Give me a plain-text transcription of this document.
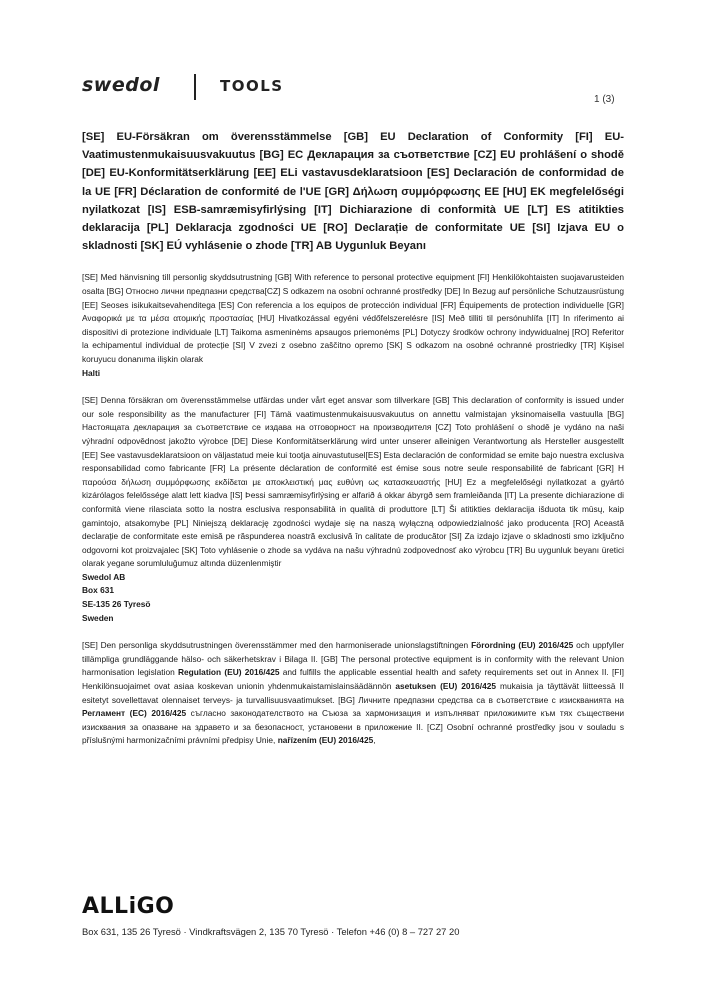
swedol	TOOLS
1 (3)

[SE] EU-Försäkran om överensstämmelse [GB] EU Declaration of Conformity [FI] EU-Vaatimustenmukaisuusvakuutus [BG] ЕС Декларация за съответствие [CZ] EU prohlášení o shodě [DE] EU-Konformitätserklärung [EE] ELi vastavusdeklaratsioon [ES] Declaración de conformidad de la UE [FR] Déclaration de conformité de l'UE [GR] Δήλωση συμμόρφωσης ΕΕ [HU] EK megfelelőségi nyilatkozat [IS] ESB-samræmisyfirlýsing [IT] Dichiarazione di conformità UE [LT] ES atitikties deklaracija [PL] Deklaracja zgodności UE [RO] Declarație de conformitate UE [SI] Izjava EU o skladnosti [SK] EÚ vyhlásenie o zhode [TR] AB Uygunluk Beyanı

[SE] Med hänvisning till personlig skyddsutrustning [GB] With reference to personal protective equipment [FI] Henkilökohtaisten suojavarusteiden osalta [BG] Относно лични предпазни средства[CZ] S odkazem na osobní ochranné prostředky [DE] In Bezug auf persönliche Schutzausrüstung [EE] Seoses isikukaitsevahenditega [ES] Con referencia a los equipos de protección individual [FR] Équipements de protection individuelle [GR] Αναφορικά με τα μέσα ατομικής προστασίας [HU] Hivatkozással egyéni védőfelszerelésre [IS] Með tilliti til persónuhlífa [IT] In riferimento ai dispositivi di protezione individuale [LT] Taikoma asmeninėms apsaugos priemonėms [PL] Dotyczy środków ochrony indywidualnej [RO] Referitor la echipamentul individual de protecție [SI] V zvezi z osebno zaščitno opremo [SK] S odkazom na osobné ochranné prostriedky [TR] Kişisel koruyucu donanıma ilişkin olarak

Halti

[SE] Denna försäkran om överensstämmelse utfärdas under vårt eget ansvar som tillverkare [GB] This declaration of conformity is issued under our sole responsibility as the manufacturer [FI] Tämä vaatimustenmukaisuusvakuutus on annettu valmistajan yksinomaisella vastuulla [BG] Настоящата декларация за съответствие се издава на отговорност на производителя [CZ] Toto prohlášení o shodě je vydáno na naši výhradní odpovědnost jakožto výrobce [DE] Diese Konformitätserklärung wird unter unserer alleinigen Verantwortung als Hersteller ausgestellt [EE] See vastavusdeklaratsioon on väljastatud meie kui tootja ainuvastutusel[ES] Esta declaración de conformidad se emite bajo nuestra exclusiva responsabilidad como fabricante [FR] La présente déclaration de conformité est émise sous notre seule responsabilité de fabricant [GR] Η παρούσα δήλωση συμμόρφωσης εκδίδεται με αποκλειστική μας ευθύνη ως κατασκευαστής [HU] Ez a megfelelőségi nyilatkozat a gyártó kizárólagos felelőssége alatt lett kiadva [IS] Þessi samræmisyfirlýsing er alfarið á okkar ábyrgð sem framleiðanda [IT] La presente dichiarazione di conformità viene rilasciata sotto la nostra esclusiva responsabilità in qualità di produttore [LT] Ši atitikties deklaracija išduota tik mūsų, kaip gamintojo, atsakomybe [PL] Niniejszą deklarację zgodności wydaje się na naszą wyłączną odpowiedzialność jako producenta [RO] Această declarație de conformitate este emisă pe răspunderea noastră exclusivă în calitate de producător [SI] Za izdajo izjave o skladnosti smo izključno odgovorni kot proizvajalec [SK] Toto vyhlásenie o zhode sa vydáva na našu výhradnú zodpovednosť ako výrobcu [TR] Bu uygunluk beyanı üretici olarak yegane sorumluluğumuz altında düzenlenmiştir

Swedol AB

Box 631

SE-135 26 Tyresö

Sweden

[SE] Den personliga skyddsutrustningen överensstämmer med den harmoniserade unionslagstiftningen Förordning (EU) 2016/425 och uppfyller tillämpliga grundläggande hälso- och säkerhetskrav i Bilaga II. [GB] The personal protective equipment is in conformity with the relevant Union harmonisation legislation Regulation (EU) 2016/425 and fulfills the applicable essential health and safety requirements set out in Annex II. [FI] Henkilönsuojaimet ovat asiaa koskevan unionin yhdenmukaistamislainsäädännön asetuksen (EU) 2016/425 mukaisia ja täyttävät liitteessä II esitetyt sovellettavat olennaiset terveys- ja turvallisuusvaatimukset. [BG] Личните предпазни средства са в съответствие с изискванията на Регламент (ЕС) 2016/425 съгласно законодателството на Съюза за хармонизация и изпълняват приложимите към тях съществени изисквания за опазване на здравето и за безопасност, установени в приложение II. [CZ] Osobní ochranné prostředky jsou v souladu s příslušnými harmonizačními právními předpisy Unie, nařízením (EU) 2016/425,

ALLiGO
Box 631, 135 26 Tyresö · Vindkraftsvägen 2, 135 70 Tyresö · Telefon +46 (0) 8 – 727 27 20
